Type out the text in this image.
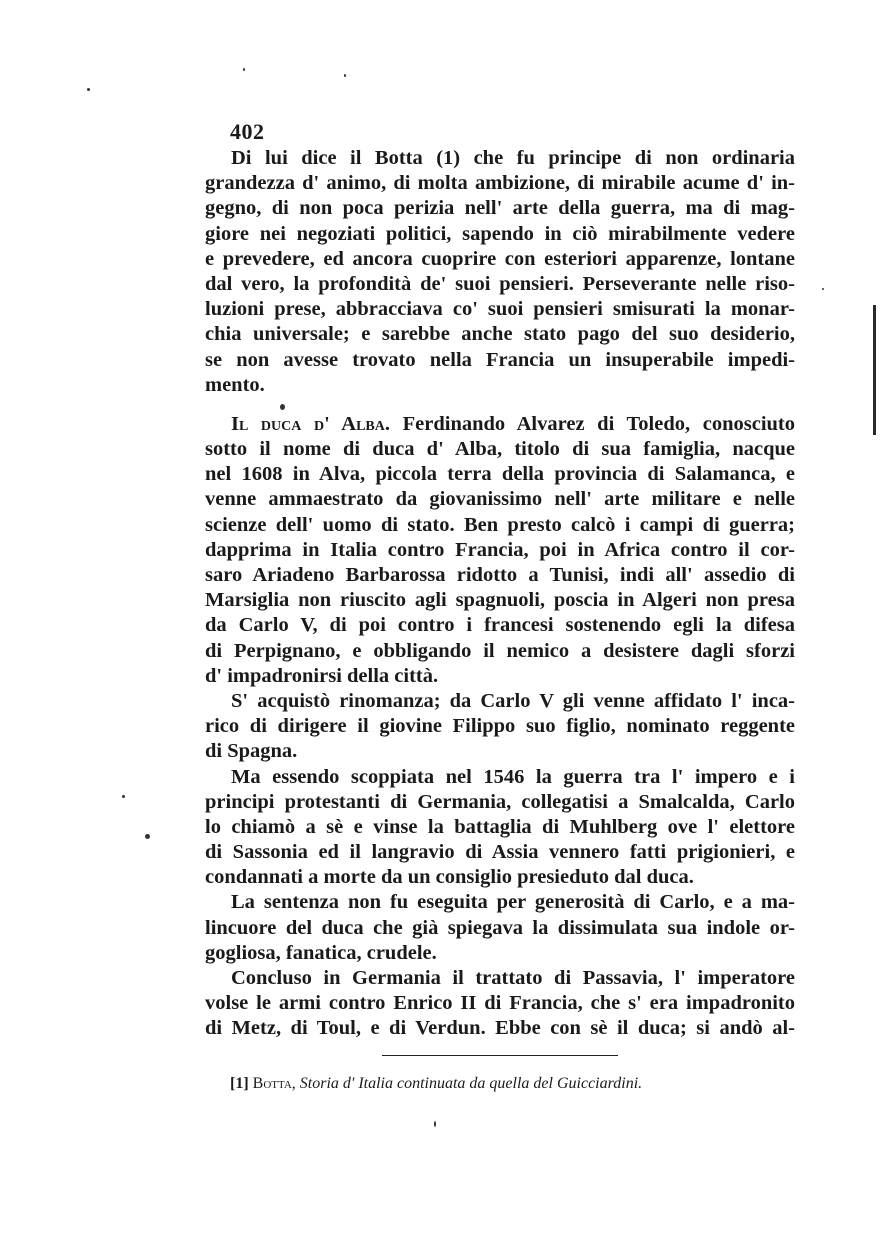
402
Di lui dice il Botta (1) che fu principe di non ordinaria
grandezza d' animo, di molta ambizione, di mirabile acume d' in-
gegno, di non poca perizia nell' arte della guerra, ma di mag-
giore nei negoziati politici, sapendo in ciò mirabilmente vedere
e prevedere, ed ancora cuoprire con esteriori apparenze, lontane
dal vero, la profondità de' suoi pensieri. Perseverante nelle riso-
luzioni prese, abbracciava co' suoi pensieri smisurati la monar-
chia universale; e sarebbe anche stato pago del suo desiderio,
se non avesse trovato nella Francia un insuperabile impedi-
mento.
Il duca d' Alba. Ferdinando Alvarez di Toledo, conosciuto
sotto il nome di duca d' Alba, titolo di sua famiglia, nacque
nel 1608 in Alva, piccola terra della provincia di Salamanca, e
venne ammaestrato da giovanissimo nell' arte militare e nelle
scienze dell' uomo di stato. Ben presto calcò i campi di guerra;
dapprima in Italia contro Francia, poi in Africa contro il cor-
saro Ariadeno Barbarossa ridotto a Tunisi, indi all' assedio di
Marsiglia non riuscito agli spagnuoli, poscia in Algeri non presa
da Carlo V, di poi contro i francesi sostenendo egli la difesa
di Perpignano, e obbligando il nemico a desistere dagli sforzi
d' impadronirsi della città.
S' acquistò rinomanza; da Carlo V gli venne affidato l' inca-
rico di dirigere il giovine Filippo suo figlio, nominato reggente
di Spagna.
Ma essendo scoppiata nel 1546 la guerra tra l' impero e i
principi protestanti di Germania, collegatisi a Smalcalda, Carlo
lo chiamò a sè e vinse la battaglia di Muhlberg ove l' elettore
di Sassonia ed il langravio di Assia vennero fatti prigionieri, e
condannati a morte da un consiglio presieduto dal duca.
La sentenza non fu eseguita per generosità di Carlo, e a ma-
lincuore del duca che già spiegava la dissimulata sua indole or-
gogliosa, fanatica, crudele.
Concluso in Germania il trattato di Passavia, l' imperatore
volse le armi contro Enrico II di Francia, che s' era impadronito
di Metz, di Toul, e di Verdun. Ebbe con sè il duca; si andò al-
[1] Botta, Storia d' Italia continuata da quella del Guicciardini.
